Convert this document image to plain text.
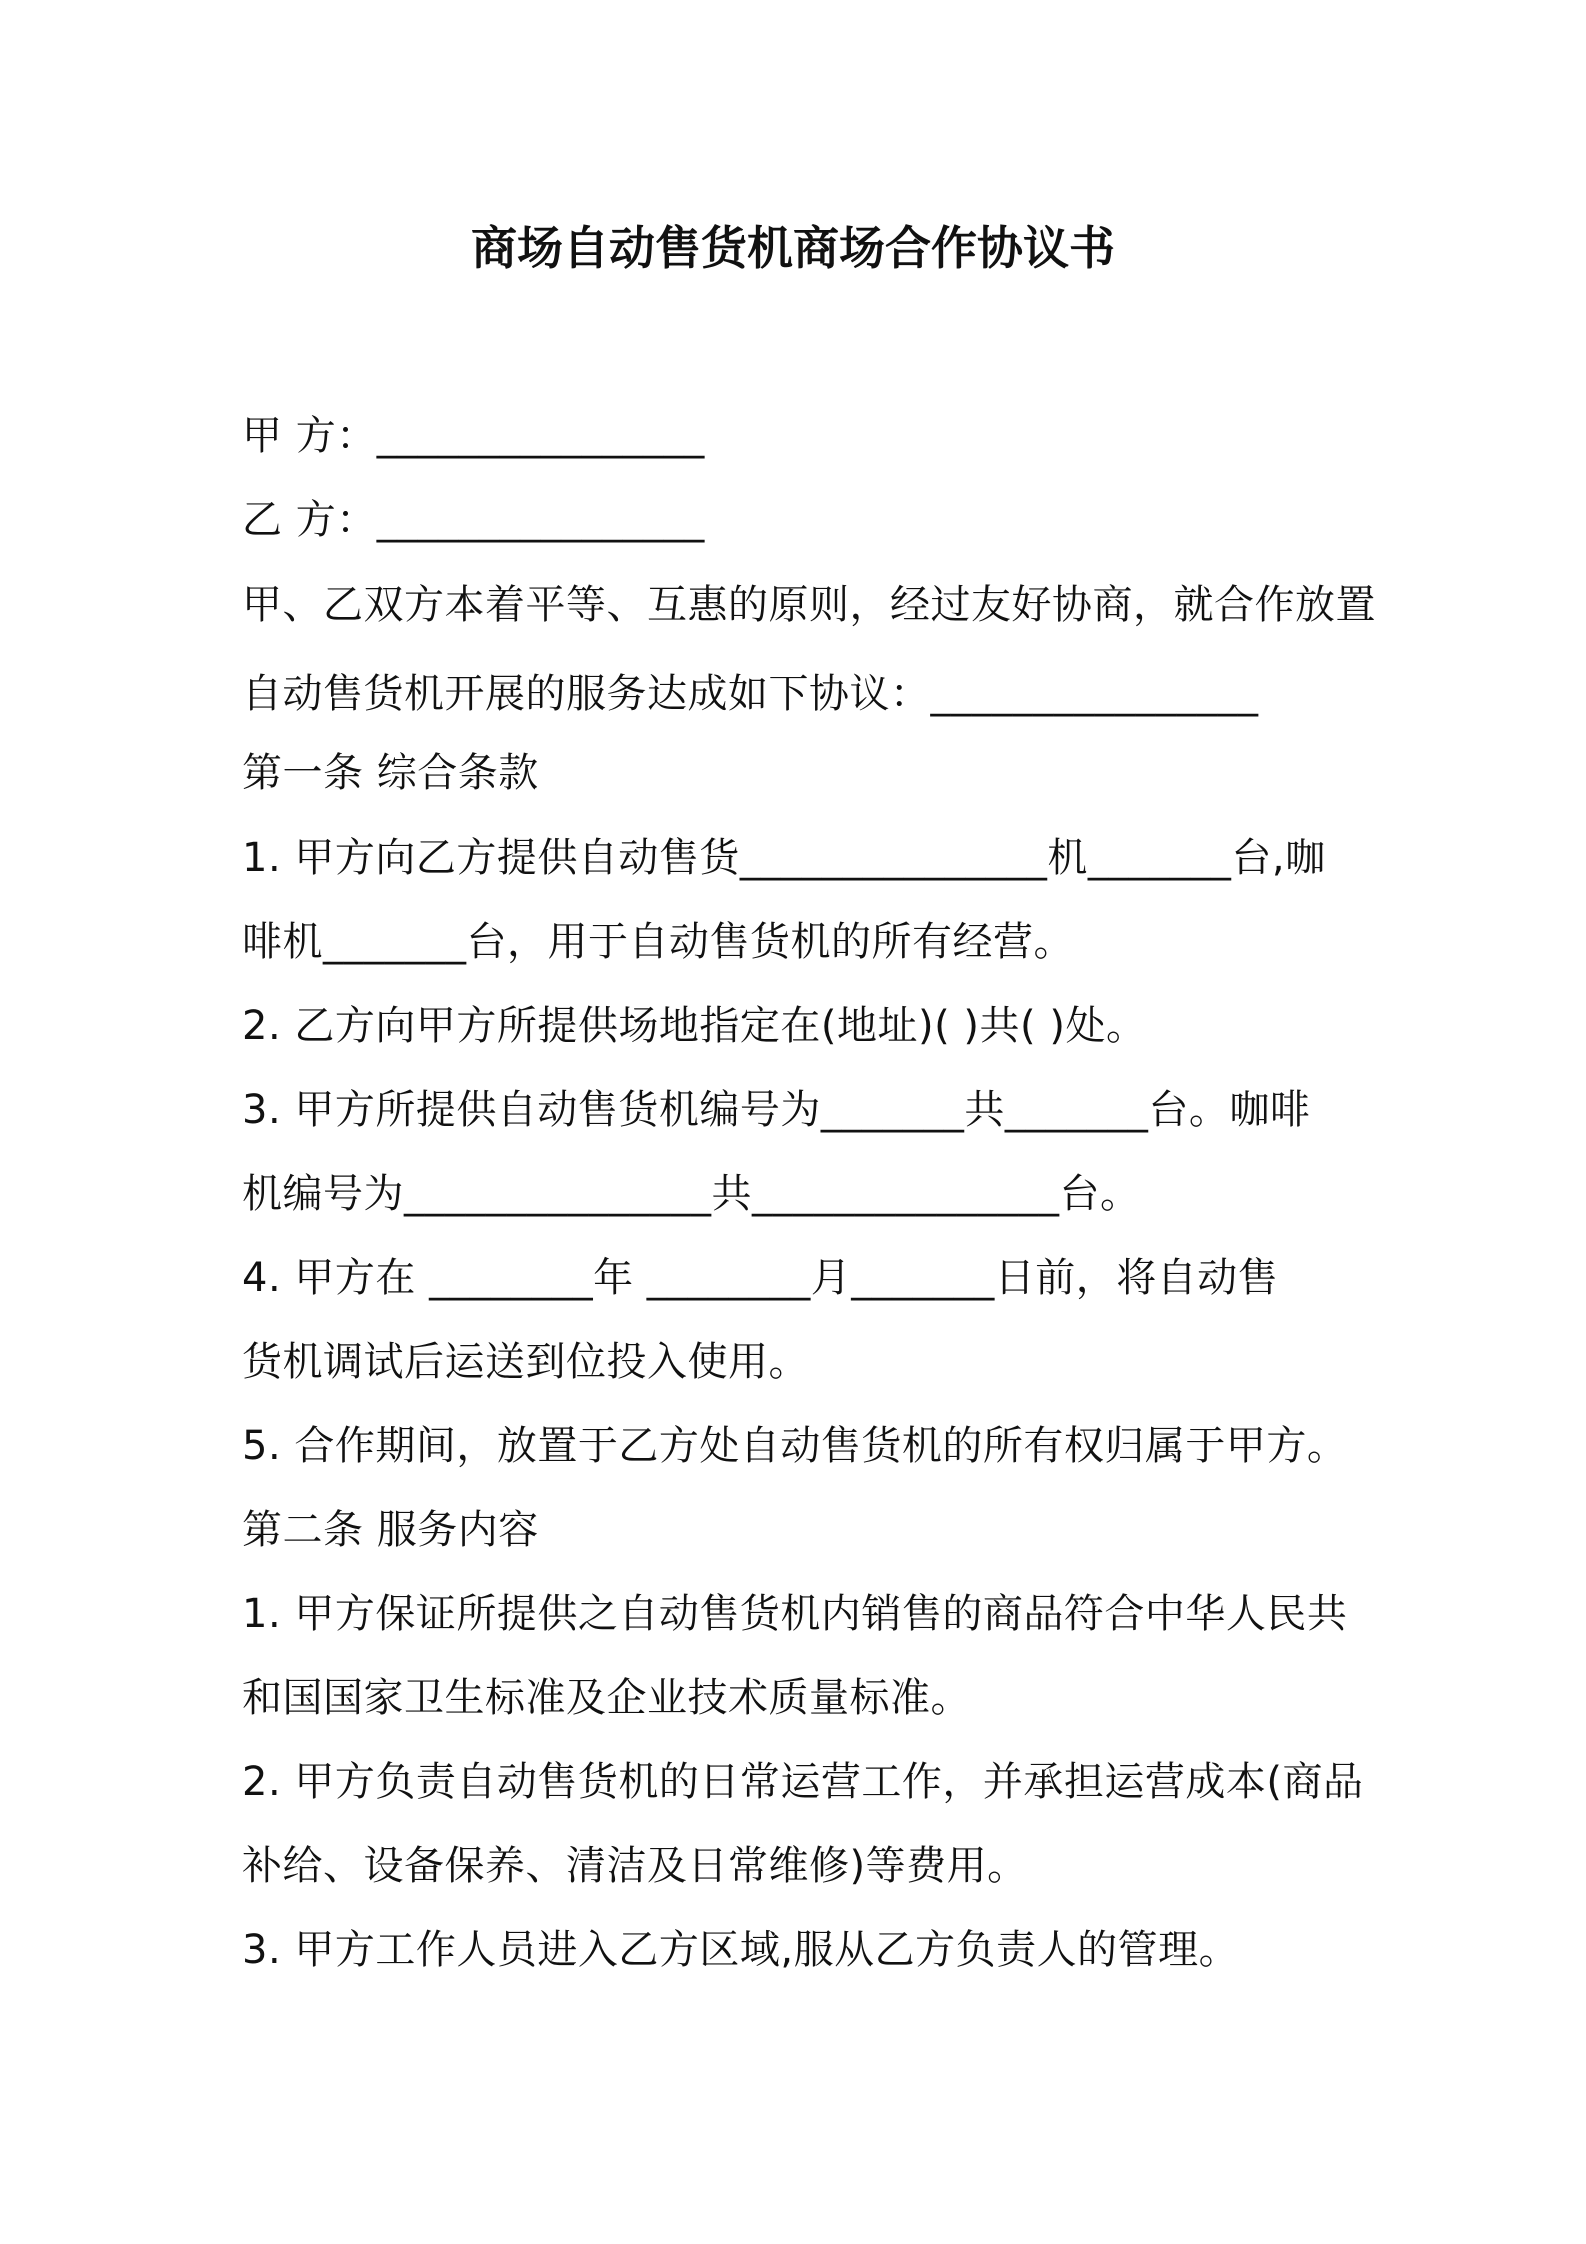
商场自动售货机商场合作协议书
甲 方：________________
乙 方：________________
甲、乙双方本着平等、互惠的原则，经过友好协商，就合作放置
自动售货机开展的服务达成如下协议：________________
第一条 综合条款
1. 甲方向乙方提供自动售货_______________机_______台,咖
啡机_______台，用于自动售货机的所有经营。
2. 乙方向甲方所提供场地指定在(地址)( )共( )处。
3. 甲方所提供自动售货机编号为_______共_______台。咖啡
机编号为_______________共_______________台。
4. 甲方在 ________年 ________月_______日前，将自动售
货机调试后运送到位投入使用。
5. 合作期间，放置于乙方处自动售货机的所有权归属于甲方。
第二条 服务内容
1. 甲方保证所提供之自动售货机内销售的商品符合中华人民共
和国国家卫生标准及企业技术质量标准。
2. 甲方负责自动售货机的日常运营工作，并承担运营成本(商品
补给、设备保养、清洁及日常维修)等费用。
3. 甲方工作人员进入乙方区域,服从乙方负责人的管理。
